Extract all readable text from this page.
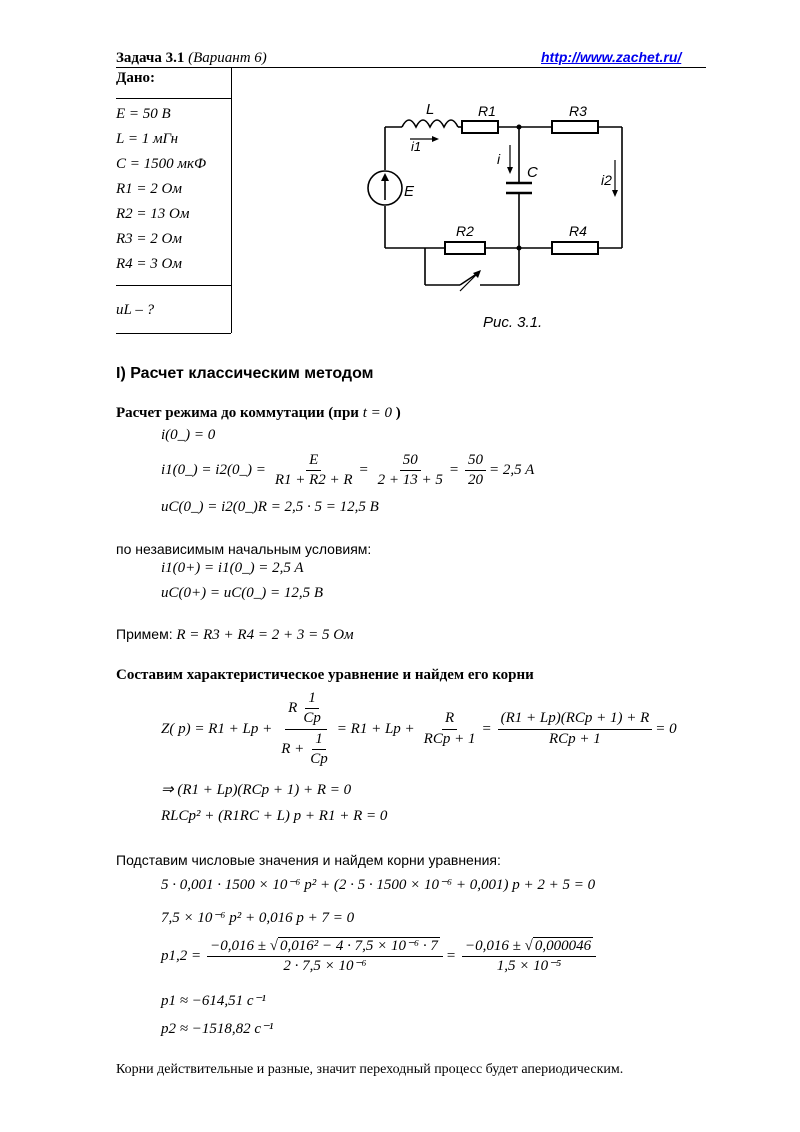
Задача 3.1 (Вариант 6)	http://www.zachet.ru/
Дано:
E = 50 В
L = 1 мГн
C = 1500 мкФ
R1 = 2 Ом
R2 = 13 Ом
R3 = 2 Ом
R4 = 3 Ом
uL – ?
L	R1	R3
i1
i
C	i2
E
R2	R4
Рис. 3.1.
I) Расчет классическим методом
Расчет режима до коммутации (при t = 0 )
i(0_) = 0
i1(0_) = i2(0_) = $\frac{E}{R1 + R2 + R} = \frac{50}{2 + 13 + 5} = \frac{50}{20} = 2,5$ A
uC(0_) = i2(0_)R = 2,5 · 5 = 12,5 В
по независимым начальным условиям:
i1(0+) = i1(0_) = 2,5 A
uC(0+) = uC(0_) = 12,5 В
Примем: R = R3 + R4 = 2 + 3 = 5 Ом
Составим характеристическое уравнение и найдем его корни
Z( $p) = R1 + Lp + \frac{R \frac{1}{Cp}}{R + \frac{1}{Cp}} = R1 + Lp + \frac{R}{\text{RCp + 1}} = \frac{\text{(R1 + Lp)(RCp + 1) + R}}{\text{RCp + 1}} = 0$
⇒ (R1 + Lp)(RCp + 1) + R = 0
RLCp² + (R1RC + L) p + R1 + R = 0
Подставим числовые значения и найдем корни уравнения:
5 · 0,001 · 1500 × 10⁻⁶ p² + (2 · 5 · 1500 × 10⁻⁶ + 0,001) p + 2 + 5 = 0
7,5 × 10⁻⁶ p² + 0,016 p + 7 = 0
$p1,2 = \frac{\text{−0,016 ± √ 0,016² − 4 · 7,5 × 10⁻⁶ · 7}}{\text{2 · 7,5 × 10⁻⁶}} = \frac{-0,016 \pm √ 0,000046}{\text{1,5 × 10⁻⁵}}$
p1 ≈ −614,51 c⁻¹
p2 ≈ −1518,82 c⁻¹
Корни действительные и разные, значит переходный процесс будет апериодическим.
